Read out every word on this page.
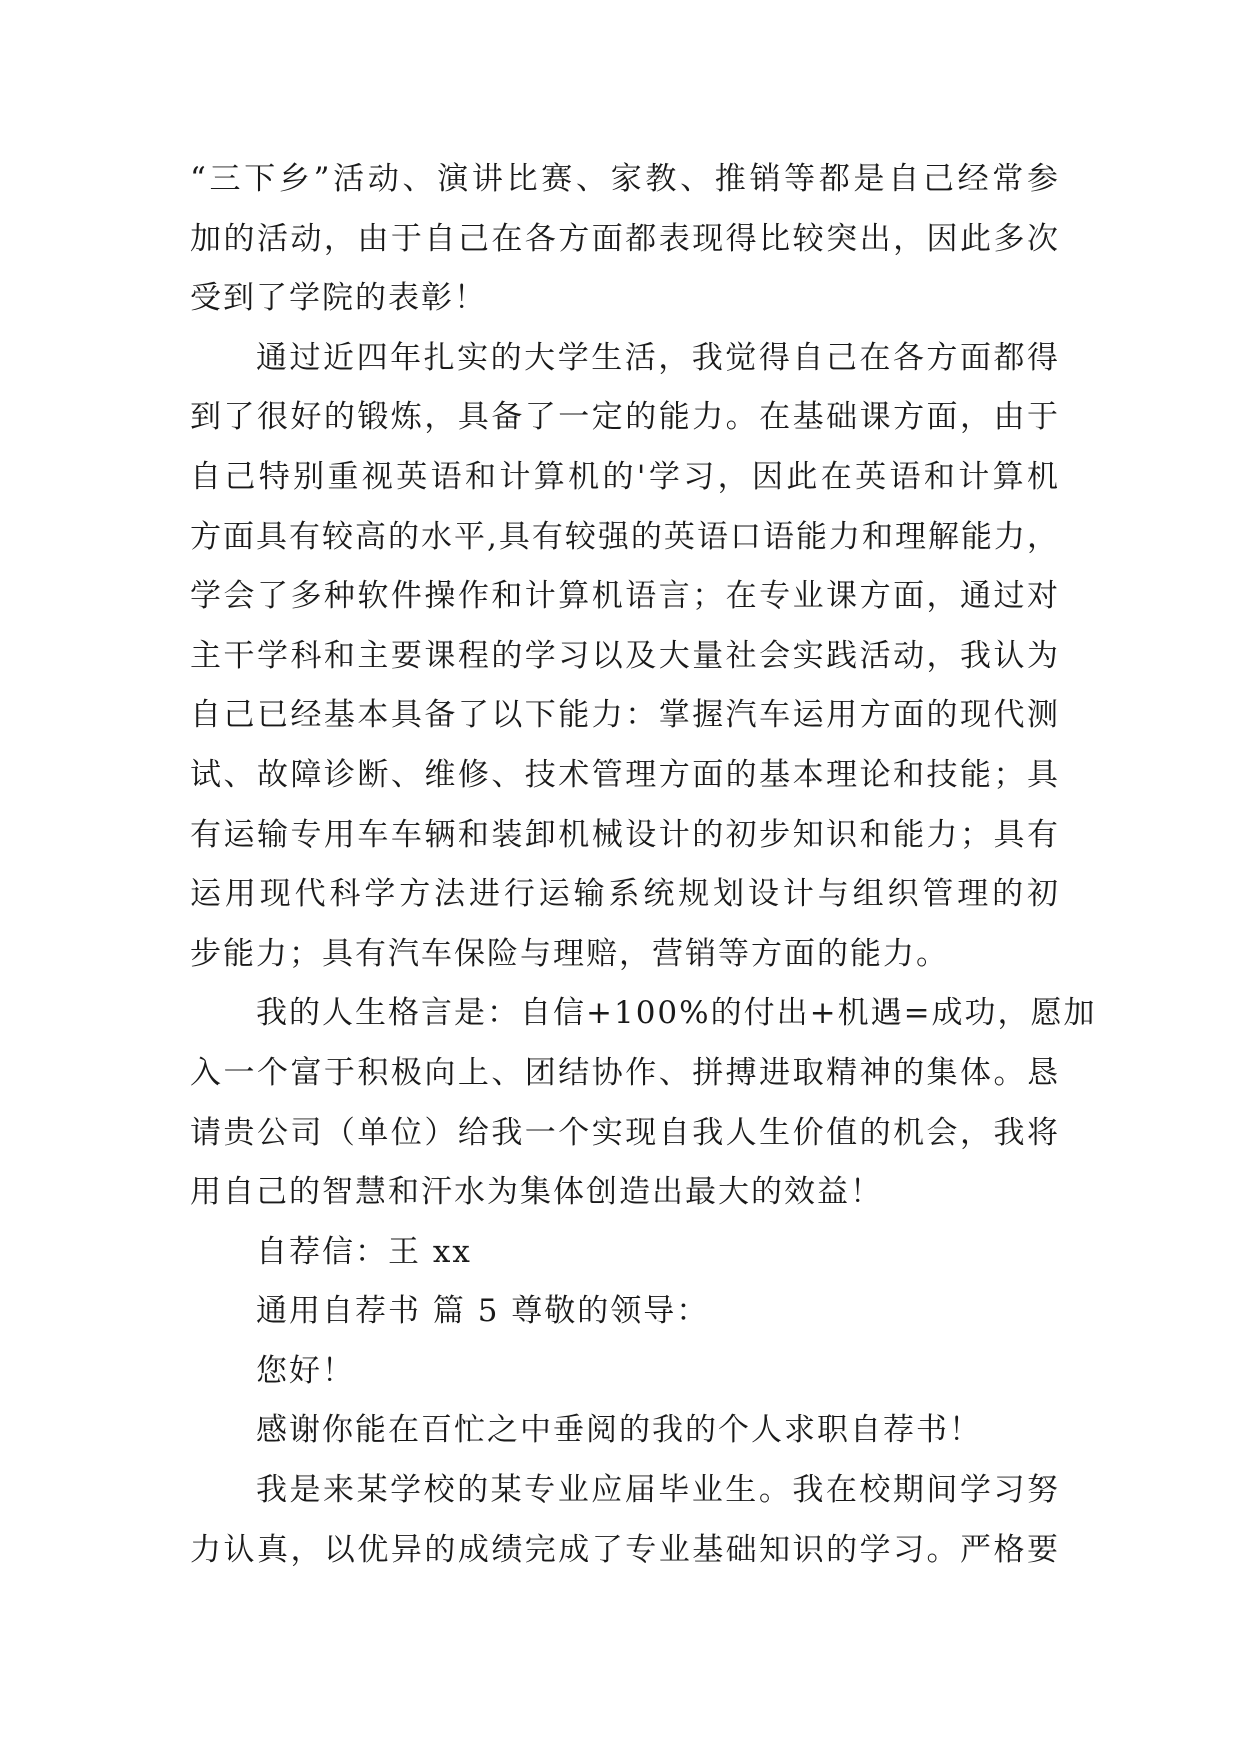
“三下乡”活动、演讲比赛、家教、推销等都是自己经常参
加的活动，由于自己在各方面都表现得比较突出，因此多次
受到了学院的表彰！
通过近四年扎实的大学生活，我觉得自己在各方面都得
到了很好的锻炼，具备了一定的能力。在基础课方面，由于
自己特别重视英语和计算机的'学习，因此在英语和计算机
方面具有较高的水平,具有较强的英语口语能力和理解能力，
学会了多种软件操作和计算机语言；在专业课方面，通过对
主干学科和主要课程的学习以及大量社会实践活动，我认为
自己已经基本具备了以下能力：掌握汽车运用方面的现代测
试、故障诊断、维修、技术管理方面的基本理论和技能；具
有运输专用车车辆和装卸机械设计的初步知识和能力；具有
运用现代科学方法进行运输系统规划设计与组织管理的初
步能力；具有汽车保险与理赔，营销等方面的能力。
我的人生格言是：自信+100%的付出+机遇=成功，愿加
入一个富于积极向上、团结协作、拼搏进取精神的集体。恳
请贵公司（单位）给我一个实现自我人生价值的机会，我将
用自己的智慧和汗水为集体创造出最大的效益！
自荐信：王 xx
通用自荐书 篇 5 尊敬的领导：
您好！
感谢你能在百忙之中垂阅的我的个人求职自荐书！
我是来某学校的某专业应届毕业生。我在校期间学习努
力认真，以优异的成绩完成了专业基础知识的学习。严格要
